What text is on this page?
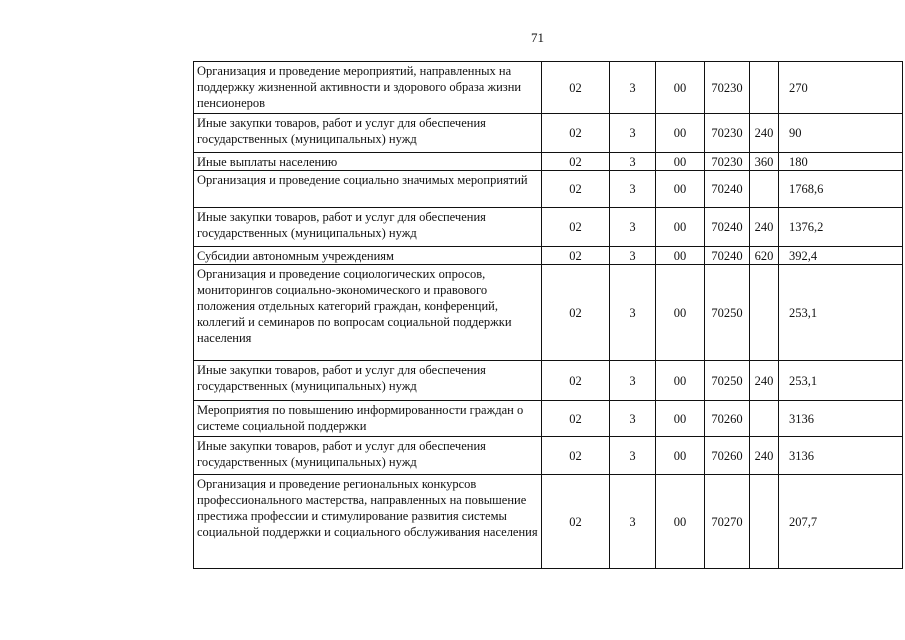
71
Организация и проведение мероприятий, направленных на поддержку жизненной активности и здорового образа жизни пенсионеров	02	3	00	70230		270
Иные закупки товаров, работ и услуг для обеспечения государственных (муниципальных) нужд	02	3	00	70230	240	90
Иные выплаты населению	02	3	00	70230	360	180
Организация и проведение социально значимых мероприятий	02	3	00	70240		1768,6
Иные закупки товаров, работ и услуг для обеспечения государственных (муниципальных) нужд	02	3	00	70240	240	1376,2
Субсидии автономным учреждениям	02	3	00	70240	620	392,4
Организация и проведение социологических опросов, мониторингов социально-экономического и правового положения отдельных категорий граждан, конференций, коллегий и семинаров по вопросам социальной поддержки населения	02	3	00	70250		253,1
Иные закупки товаров, работ и услуг для обеспечения государственных (муниципальных) нужд	02	3	00	70250	240	253,1
Мероприятия по повышению информированности граждан о системе социальной поддержки	02	3	00	70260		3136
Иные закупки товаров, работ и услуг для обеспечения государственных (муниципальных) нужд	02	3	00	70260	240	3136
Организация и проведение региональных конкурсов профессионального мастерства, направленных на повышение престижа профессии и стимулирование развития системы социальной поддержки и социального обслуживания населения	02	3	00	70270		207,7
